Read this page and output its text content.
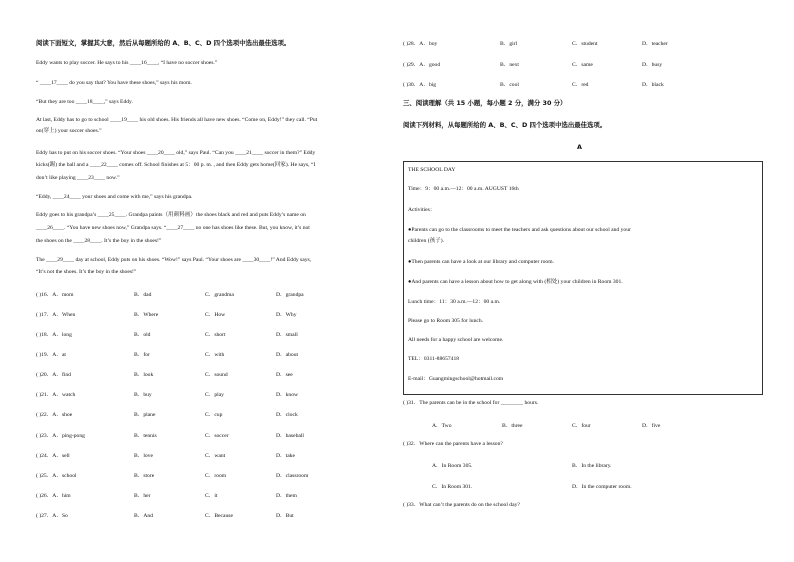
阅读下面短文，掌握其大意，然后从每题所给的 A、B、C、D 四个选项中选出最佳选项。
Eddy wants to play soccer. He says to his ____16____, “I have no soccer shoes.”
“ ____17____ do you say that? You have these shoes,” says his mom.
“But they are too ____18____,” says Eddy.
At last, Eddy has to go to school ____19____ his old shoes. His friends all have new shoes. “Come on, Eddy!” they call. “Put
on(穿上) your soccer shoes.”
Eddy has to put on his soccer shoes. “Your shoes ____20____ old,” says Paul. “Can you ____21____ soccer in them?” Eddy
kicks(踢) the ball and a ____22____ comes off. School finishes at 5：00 p. m. , and then Eddy gets home(回家). He says, “I
don’t like playing ____23____ now.”
“Eddy, ____24____ your shoes and come with me,” says his grandpa.
Eddy goes to his grandpa’s ____25____. Grandpa paints（用颜料画）the shoes black and red and puts Eddy’s name on
____26____. “You have new shoes now,” Grandpa says. “____27____ no one has shoes like these. But, you know, it’s not
the shoes on the ____28____. It’s the boy in the shoes!”
The ____29____ day at school, Eddy puts on his shoes. “Wow!” says Paul. “Your shoes are ____30____!” And Eddy says,
“It’s not the shoes. It’s the boy in the shoes!”
( )16．A．mom	B．dad	C．grandma	D．grandpa
( )17．A．When	B．Where	C．How	D．Why
( )18．A．long	B．old	C．short	D．small
( )19．A．at	B．for	C．with	D．about
( )20．A．find	B．look	C．sound	D．see
( )21．A．watch	B．buy	C．play	D．know
( )22．A．shoe	B．plane	C．cup	D．clock
( )23．A．ping-pong	B．tennis	C．soccer	D．baseball
( )24．A．sell	B．love	C．want	D．take
( )25．A．school	B．store	C．room	D．classroom
( )26．A．him	B．her	C．it	D．them
( )27．A．So	B．And	C．Because	D．But
( )28．A．boy	B．girl	C．student	D．teacher
( )29．A．good	B．next	C．same	D．busy
( )30．A．big	B．cool	C．red	D．black
三、阅读理解（共 15 小题，每小题 2 分，满分 30 分）
阅读下列材料，从每题所给的 A、B、C、D 四个选项中选出最佳选项。
A
THE SCHOOL DAY
Time：9：00 a.m.—12：00 a.m. AUGUST 16th
Activities：
●Parents can go to the classrooms to meet the teachers and ask questions about our school and your
children (孩子).
●Then parents can have a look at our library and computer room.
●And parents can have a lesson about how to get along with (相处) your children in Room 301.
Lunch time：11：30 a.m.—12：00 a.m.
Please go to Room 305 for lunch.
All needs for a happy school are welcome.
TEL：0311-88657418
E-mail：Guangmingschool@hotmail.com
( )31．The parents can be in the school for ________ hours.
A．Two	B．three	C．four	D．five
( )32．Where can the parents have a lesson?
A．In Room 305.	B．In the library.
C．In Room 301.	D．In the computer room.
( )33．What can’t the parents do on the school day?
